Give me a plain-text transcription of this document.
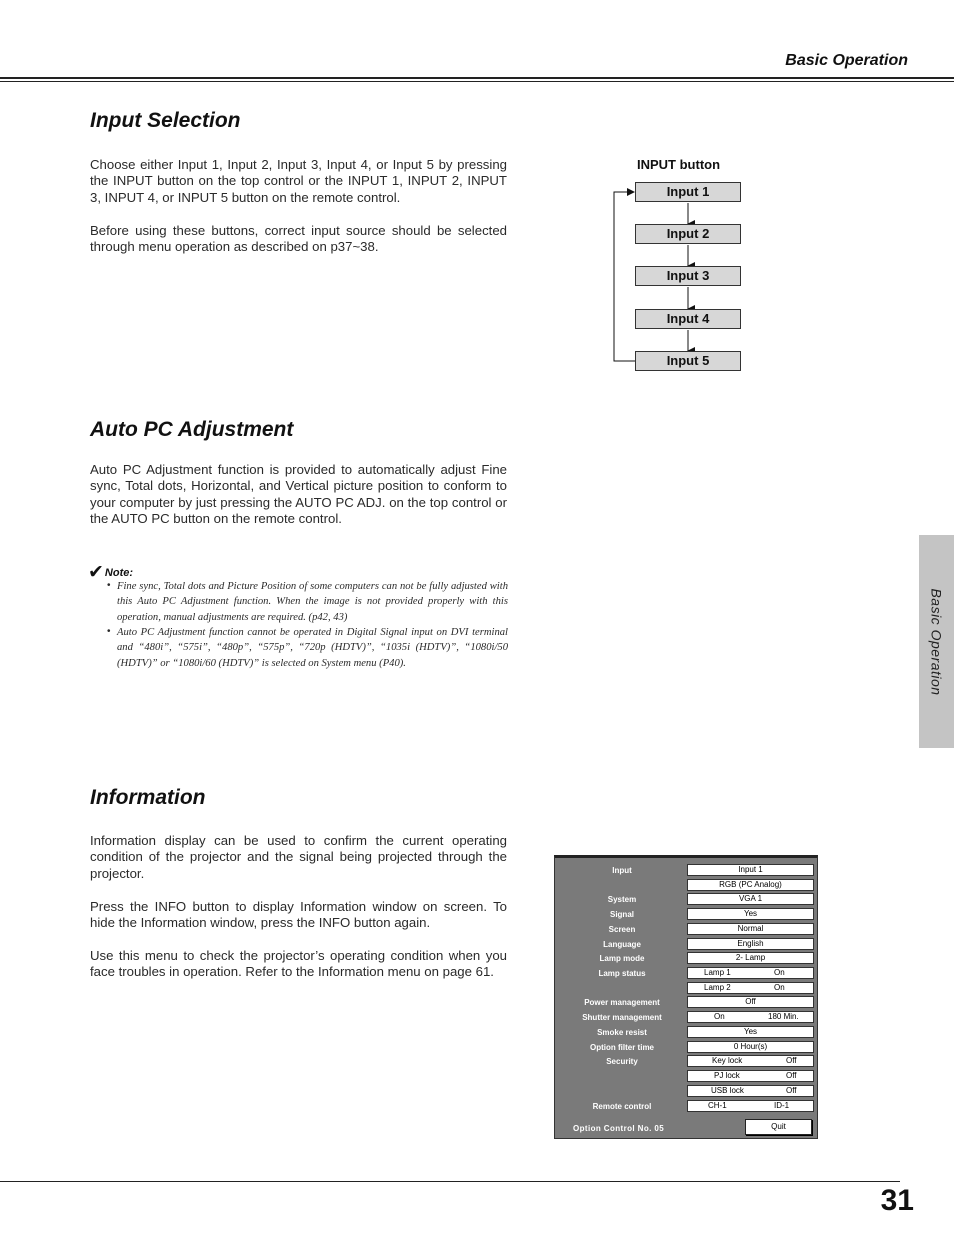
Basic Operation
Input Selection

Choose either Input 1, Input 2, Input 3, Input 4, or Input 5 by pressing the INPUT button on the top control or the INPUT 1, INPUT 2, INPUT 3, INPUT 4, or INPUT 5 button on the remote control.

Before using these buttons, correct input source should be selected through menu operation as described on p37~38.

INPUT button
Input 1
Input 2
Input 3
Input 4
Input 5
Auto PC Adjustment

Auto PC Adjustment function is provided to automatically adjust Fine sync, Total dots, Horizontal, and Vertical picture position to conform to your computer by just pressing the AUTO PC ADJ. on the top control or the AUTO PC button on the remote control.

✔Note:
• Fine sync, Total dots and Picture Position of some computers can not be fully adjusted with this Auto PC Adjustment function. When the image is not provided properly with this operation, manual adjustments are required. (p42, 43)

• Auto PC Adjustment function cannot be operated in Digital Signal input on DVI terminal and “480i”, “575i”, “480p”, “575p”, “720p (HDTV)”, “1035i (HDTV)”, “1080i/50 (HDTV)” or “1080i/60 (HDTV)” is selected on System menu (P40).	Basic Operation
Information

Information display can be used to confirm the current operating condition of the projector and the signal being projected through the projector.

Press the INFO button to display Information window on screen. To hide the Information window, press the INFO button again.

Use this menu to check the projector’s operating condition when you face troubles in operation. Refer to the Information menu on page 61.

Input	Input 1
RGB (PC Analog)
System	VGA 1
Signal	Yes
Screen	Normal
Language	English
Lamp mode	2- Lamp
Lamp status	Lamp 1	On
Lamp 2	On
Power management	Off
Shutter management	On	180 Min.
Smoke resist	Yes
Option filter time	0 Hour(s)
Security	Key lock	Off
PJ lock	Off
USB lock	Off
Remote control	CH-1	ID-1
Option Control No. 05	Quit
31
